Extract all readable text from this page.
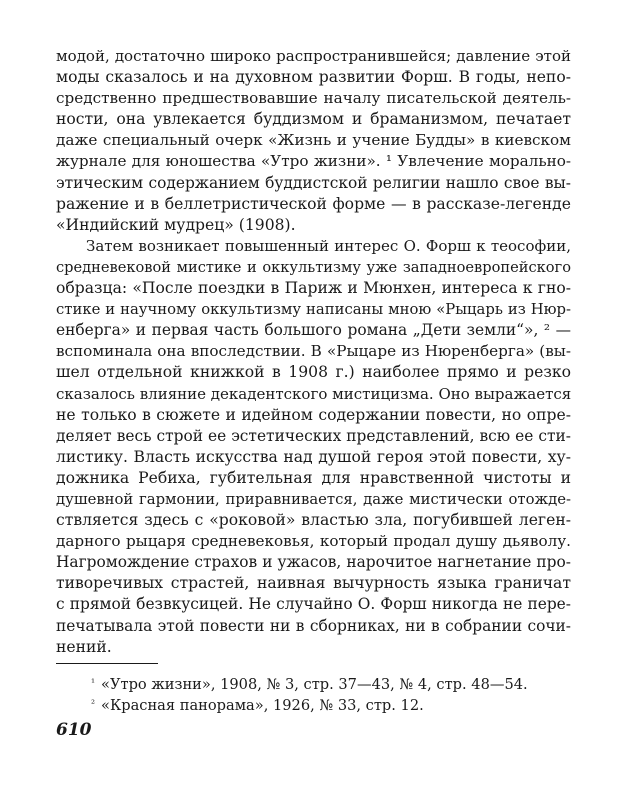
модой, достаточно широко распространившейся; давление этой
моды сказалось и на духовном развитии Форш. В годы, непо-
средственно предшествовавшие началу писательской деятель-
ности, она увлекается буддизмом и браманизмом, печатает
даже специальный очерк «Жизнь и учение Будды» в киевском
журнале для юношества «Утро жизни». ¹ Увлечение морально-
этическим содержанием буддистской религии нашло свое вы-
ражение и в беллетристической форме — в рассказе-легенде
«Индийский мудрец» (1908).
Затем возникает повышенный интерес О. Форш к теософии,
средневековой мистике и оккультизму уже западноевропейского
образца: «После поездки в Париж и Мюнхен, интереса к гно-
стике и научному оккультизму написаны мною «Рыцарь из Нюр-
енберга» и первая часть большого романа „Дети земли“», ² —
вспоминала она впоследствии. В «Рыцаре из Нюренберга» (вы-
шел отдельной книжкой в 1908 г.) наиболее прямо и резко
сказалось влияние декадентского мистицизма. Оно выражается
не только в сюжете и идейном содержании повести, но опре-
деляет весь строй ее эстетических представлений, всю ее сти-
листику. Власть искусства над душой героя этой повести, ху-
дожника Ребиха, губительная для нравственной чистоты и
душевной гармонии, приравнивается, даже мистически отожде-
ствляется здесь с «роковой» властью зла, погубившей леген-
дарного рыцаря средневековья, который продал душу дьяволу.
Нагромождение страхов и ужасов, нарочитое нагнетание про-
тиворечивых страстей, наивная вычурность языка граничат
с прямой безвкусицей. Не случайно О. Форш никогда не пере-
печатывала этой повести ни в сборниках, ни в собрании сочи-
нений.
$^{^1}$ «Утро жизни», 1908, № 3, стр. 37—43, № 4, стр. 48—54.
$^{^2}$ «Красная панорама», 1926, № 33, стр. 12.
610
